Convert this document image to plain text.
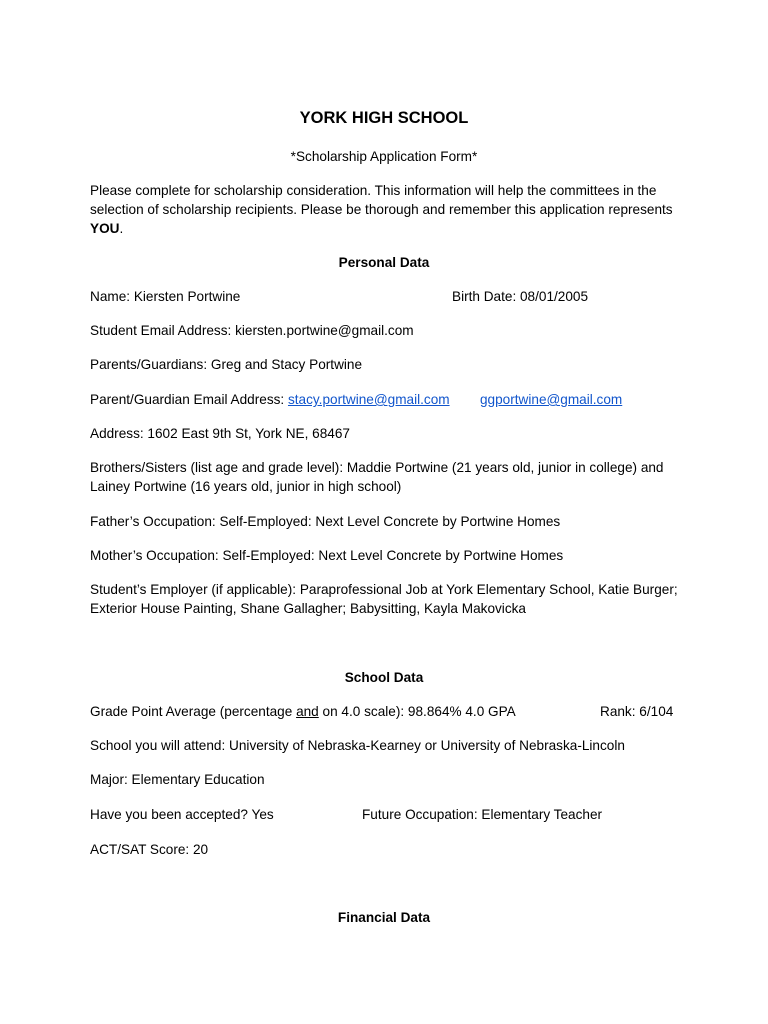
YORK HIGH SCHOOL
*Scholarship Application Form*
Please complete for scholarship consideration. This information will help the committees in the selection of scholarship recipients. Please be thorough and remember this application represents YOU.
Personal Data
Name: Kiersten Portwine	Birth Date: 08/01/2005
Student Email Address: kiersten.portwine@gmail.com
Parents/Guardians: Greg and Stacy Portwine
Parent/Guardian Email Address: stacy.portwine@gmail.com	ggportwine@gmail.com
Address: 1602 East 9th St, York NE, 68467
Brothers/Sisters (list age and grade level): Maddie Portwine (21 years old, junior in college) and Lainey Portwine (16 years old, junior in high school)
Father’s Occupation: Self-Employed: Next Level Concrete by Portwine Homes
Mother’s Occupation: Self-Employed: Next Level Concrete by Portwine Homes
Student’s Employer (if applicable): Paraprofessional Job at York Elementary School, Katie Burger; Exterior House Painting, Shane Gallagher; Babysitting, Kayla Makovicka
School Data
Grade Point Average (percentage and on 4.0 scale): 98.864% 4.0 GPA	Rank: 6/104
School you will attend: University of Nebraska-Kearney or University of Nebraska-Lincoln
Major: Elementary Education
Have you been accepted? Yes	Future Occupation: Elementary Teacher
ACT/SAT Score: 20
Financial Data
